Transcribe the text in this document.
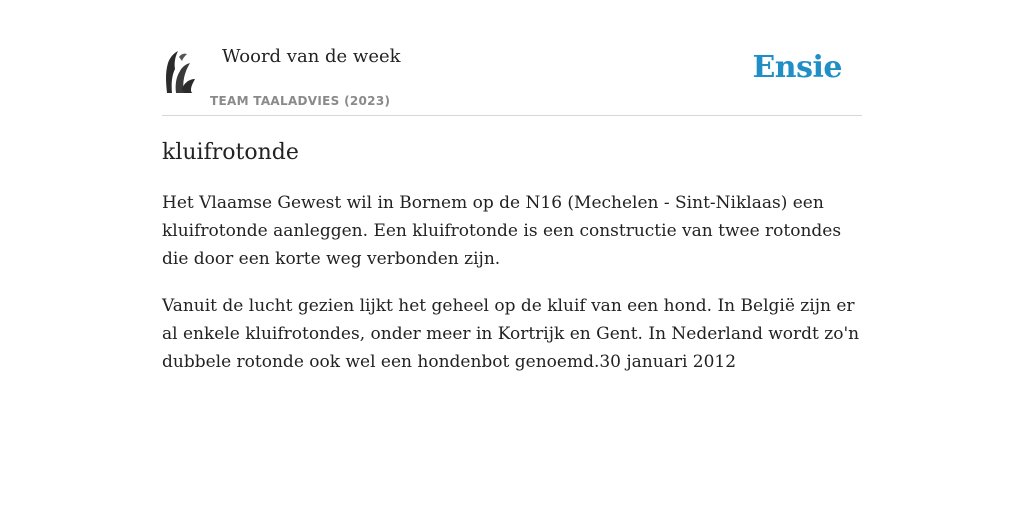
Woord van de week
TEAM TAALADVIES (2023)
Ensie
kluifrotonde

Het Vlaamse Gewest wil in Bornem op de N16 (Mechelen - Sint-Niklaas) een kluifrotonde aanleggen. Een kluifrotonde is een constructie van twee rotondes die door een korte weg verbonden zijn.

Vanuit de lucht gezien lijkt het geheel op de kluif van een hond. In België zijn er al enkele kluifrotondes, onder meer in Kortrijk en Gent. In Nederland wordt zo'n dubbele rotonde ook wel een hondenbot genoemd.30 januari 2012
